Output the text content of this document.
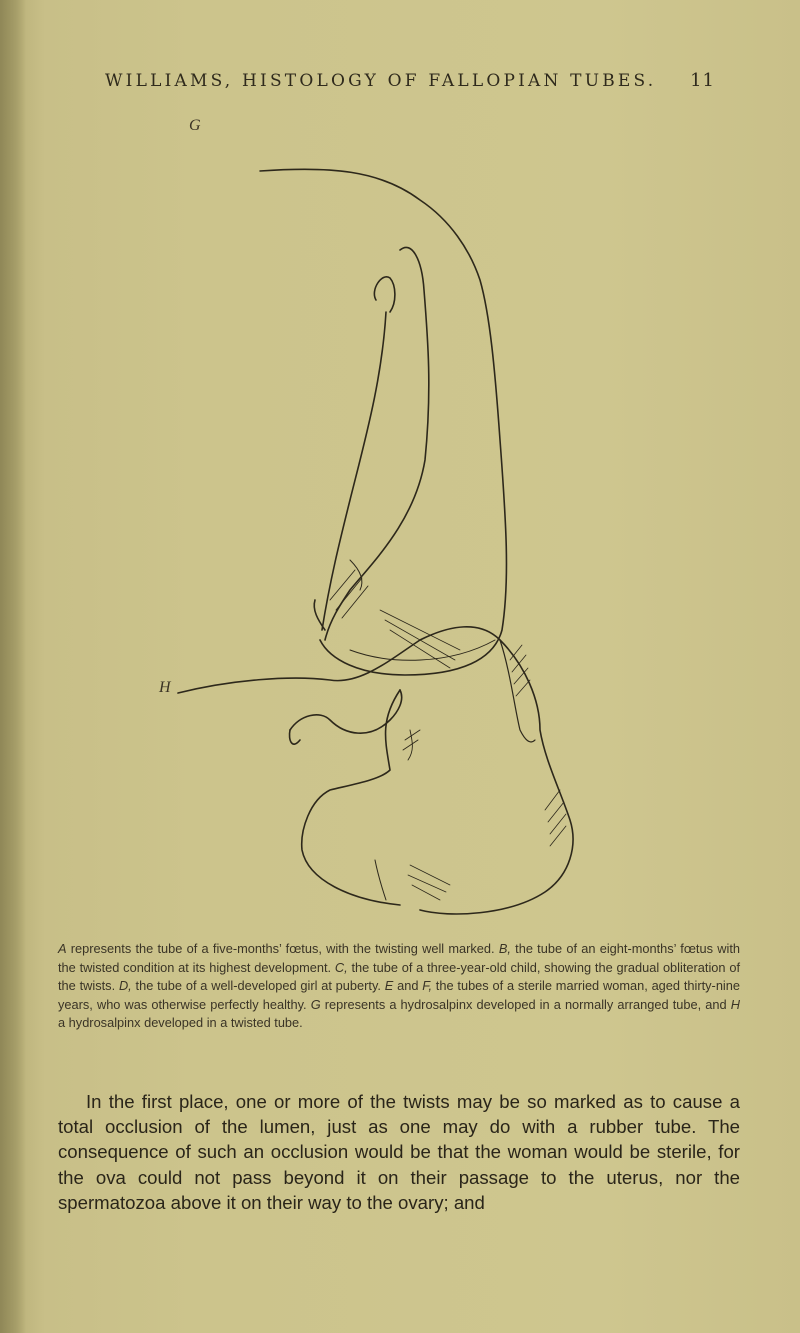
WILLIAMS, HISTOLOGY OF FALLOPIAN TUBES. 11
G
H
A represents the tube of a five-months’ fœtus, with the twisting well marked. B, the tube of an eight-months’ fœtus with the twisted condition at its highest development. C, the tube of a three-year-old child, showing the gradual obliteration of the twists. D, the tube of a well-developed girl at puberty. E and F, the tubes of a sterile married woman, aged thirty-nine years, who was otherwise perfectly healthy. G represents a hydrosalpinx developed in a normally arranged tube, and H a hydrosalpinx developed in a twisted tube.

In the first place, one or more of the twists may be so marked as to cause a total occlusion of the lumen, just as one may do with a rubber tube. The consequence of such an occlusion would be that the woman would be sterile, for the ova could not pass beyond it on their passage to the uterus, nor the spermatozoa above it on their way to the ovary; and
